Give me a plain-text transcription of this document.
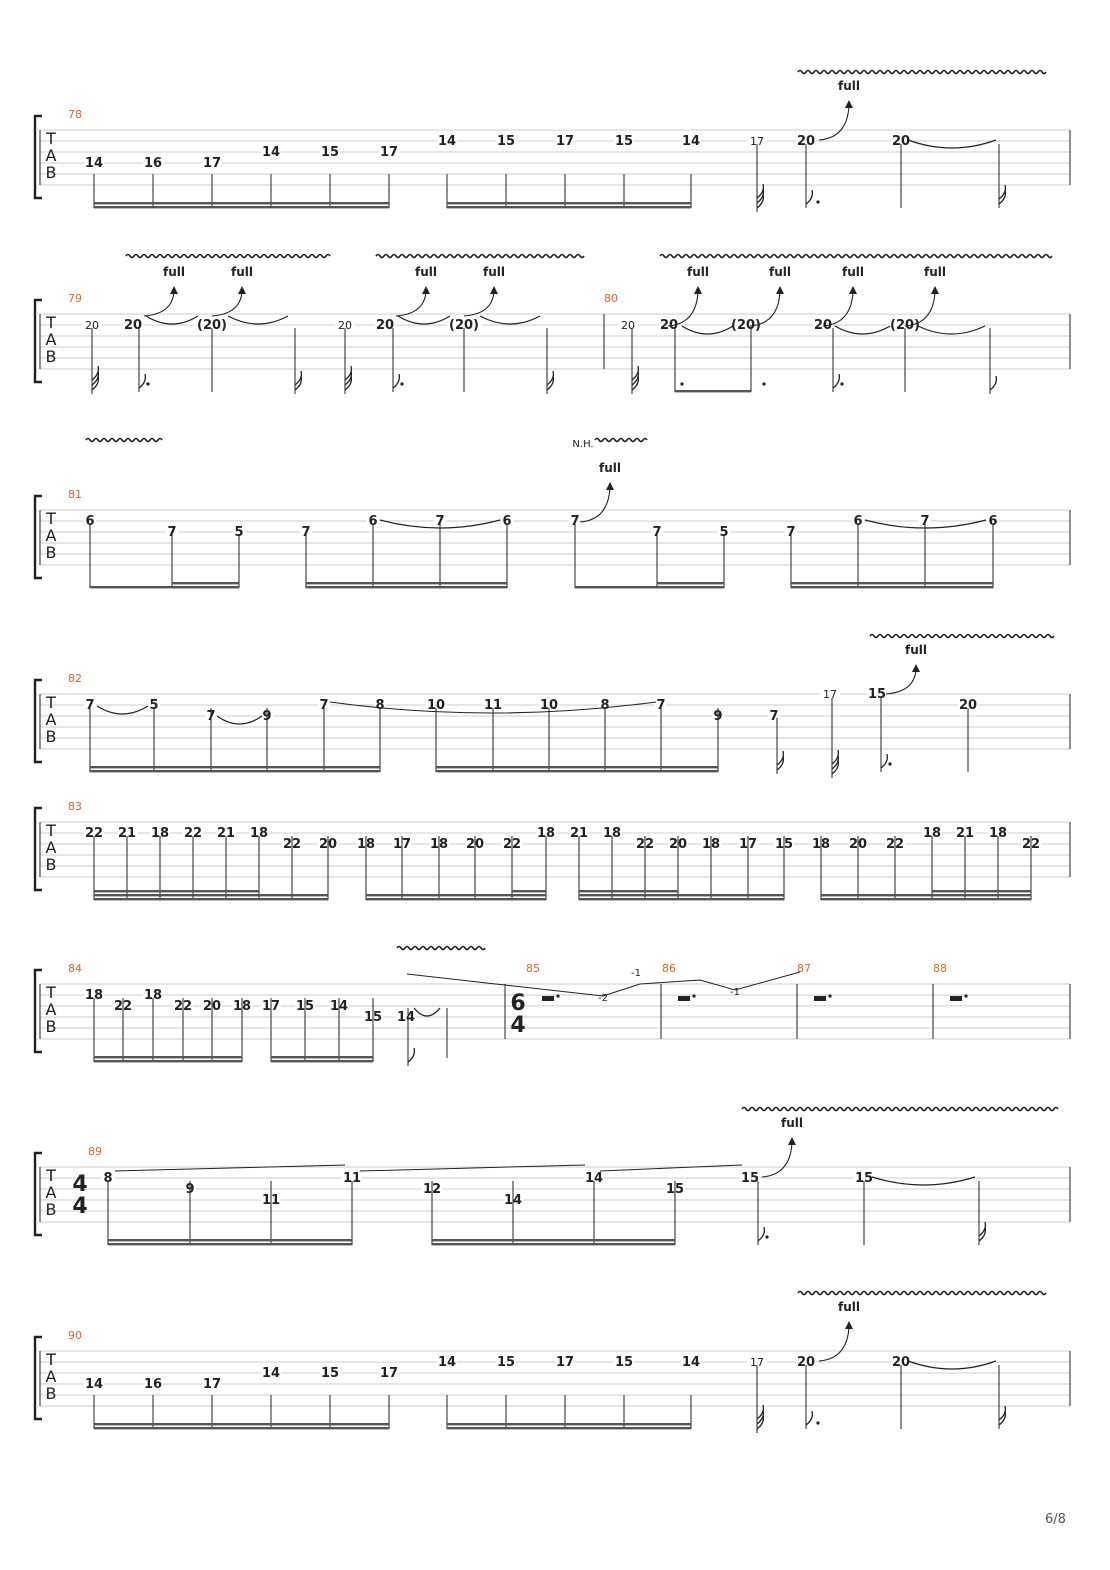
T
A
B
78
14	16	17
14	15	17
14	15	17	15	14	17	20	20
full
T
A
B
79	80
20 20	(20)	20 20	(20)	20 20	(20)	20	(20)
full	full	full	full	full	full	full	full
T
A
B
81
6
7	5	7
6	7	6	7
7	5	7
6	7	6
full
N.H.
T
A
B
82
7	5
7	9
7	8	10	11	10	8	7
9	7
17 15
20
full
T
A
B
83
22 21 18 22 21 18
22 20 18 17 18 20 22
18 21 18
22 20 18 17 15 18 20 22
18 21 18
22
T
A
B
84
18
22
18
22 20 18 17 15 14
15 14
85	86	87	88
6
4
-2
-1
-1
T
A
B
89
4
4
8
9
11
11
12
14
14
15
15	15
full
T
A
B
90
14	16	17
14	15	17
14	15	17	15	14	17	20	20
full
6/8
